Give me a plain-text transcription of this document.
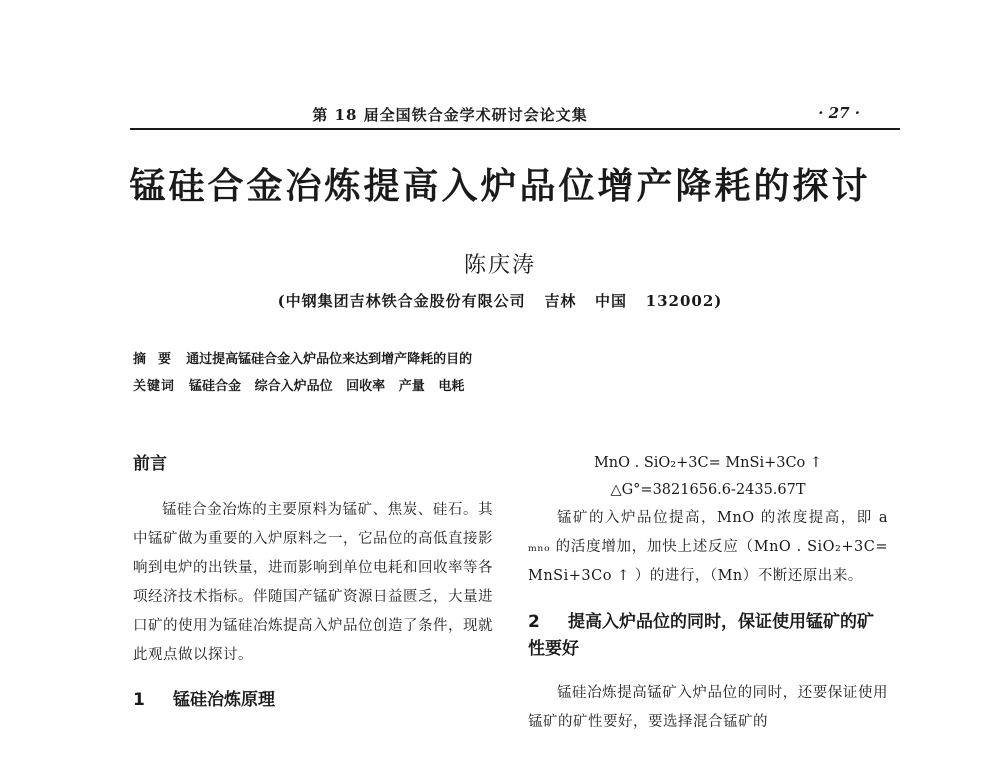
第 18 届全国铁合金学术研讨会论文集	· 27 ·
锰硅合金冶炼提高入炉品位增产降耗的探讨
陈庆涛
(中钢集团吉林铁合金股份有限公司   吉林   中国   132002)
摘  要 通过提高锰硅合金入炉品位来达到增产降耗的目的
关键词 锰硅合金   综合入炉品位   回收率   产量   电耗
前言

锰硅合金冶炼的主要原料为锰矿、焦炭、硅石。其中锰矿做为重要的入炉原料之一，它品位的高低直接影响到电炉的出铁量，进而影响到单位电耗和回收率等各项经济技术指标。伴随国产锰矿资源日益匮乏，大量进口矿的使用为锰硅冶炼提高入炉品位创造了条件，现就此观点做以探讨。

1 锰硅冶炼原理

MnO . SiO₂+3C= MnSi+3Co ↑

△G°=3821656.6-2435.67T

锰矿的入炉品位提高，MnO 的浓度提高，即 a ₘₙₒ 的活度增加，加快上述反应（MnO . SiO₂+3C= MnSi+3Co ↑ ）的进行，（Mn）不断还原出来。

2 提高入炉品位的同时，保证使用锰矿的矿性要好

锰硅冶炼提高锰矿入炉品位的同时，还要保证使用锰矿的矿性要好，要选择混合锰矿的
